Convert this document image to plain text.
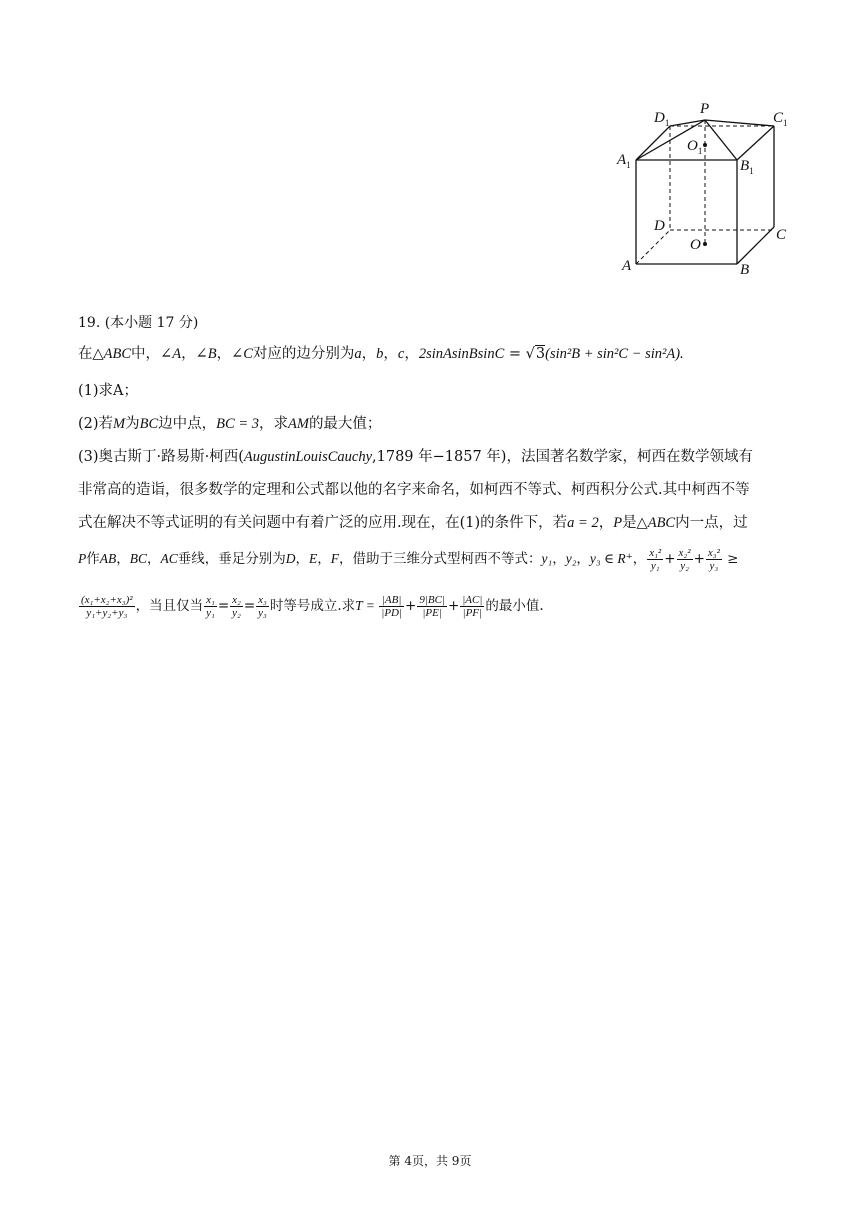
$D_1$
P
$C_1$
$O_1$
$A_1$	$B_1$
D
C
O
A	B
19. (本小题 17 分)
在△ABC中，∠A，∠B，∠C对应的边分别为a，b，c，2sinAsinBsinC = √3(sin²B + sin²C − sin²A).
(1)求A；
(2)若M为BC边中点，BC = 3，求AM的最大值；
(3)奥古斯丁·路易斯·柯西(AugustinLouisCauchy,1789 年−1857 年)，法国著名数学家，柯西在数学领域有
非常高的造诣，很多数学的定理和公式都以他的名字来命名，如柯西不等式、柯西积分公式.其中柯西不等
式在解决不等式证明的有关问题中有着广泛的应用.现在，在(1)的条件下，若a = 2，P是△ABC内一点，过
P作AB，BC，AC垂线，垂足分别为D，E，F，借助于三维分式型柯西不等式：y₁，y₂，y₃ ∈ R⁺， $\frac{\text{x₁²}}{\text{y₁}} + \frac{\text{x₂²}}{\text{y₂}} + \frac{\text{x₃²}}{\text{y₃}}$ ≥
$\frac{\text{(x₁+x₂+x₃)²}}{\text{y₁+y₂+y₃}}$ ，当且仅当 $\frac{\text{x₁}}{\text{y₁}} = \frac{\text{x₂}}{\text{y₂}} = \frac{\text{x₃}}{\text{y₃}}$ 时等号成立.求$T = \frac{|AB|}{|PD|} + \frac{9|BC|}{|PE|} + \frac{|AC|}{|PF|}$ 的最小值.
第 4页，共 9页
